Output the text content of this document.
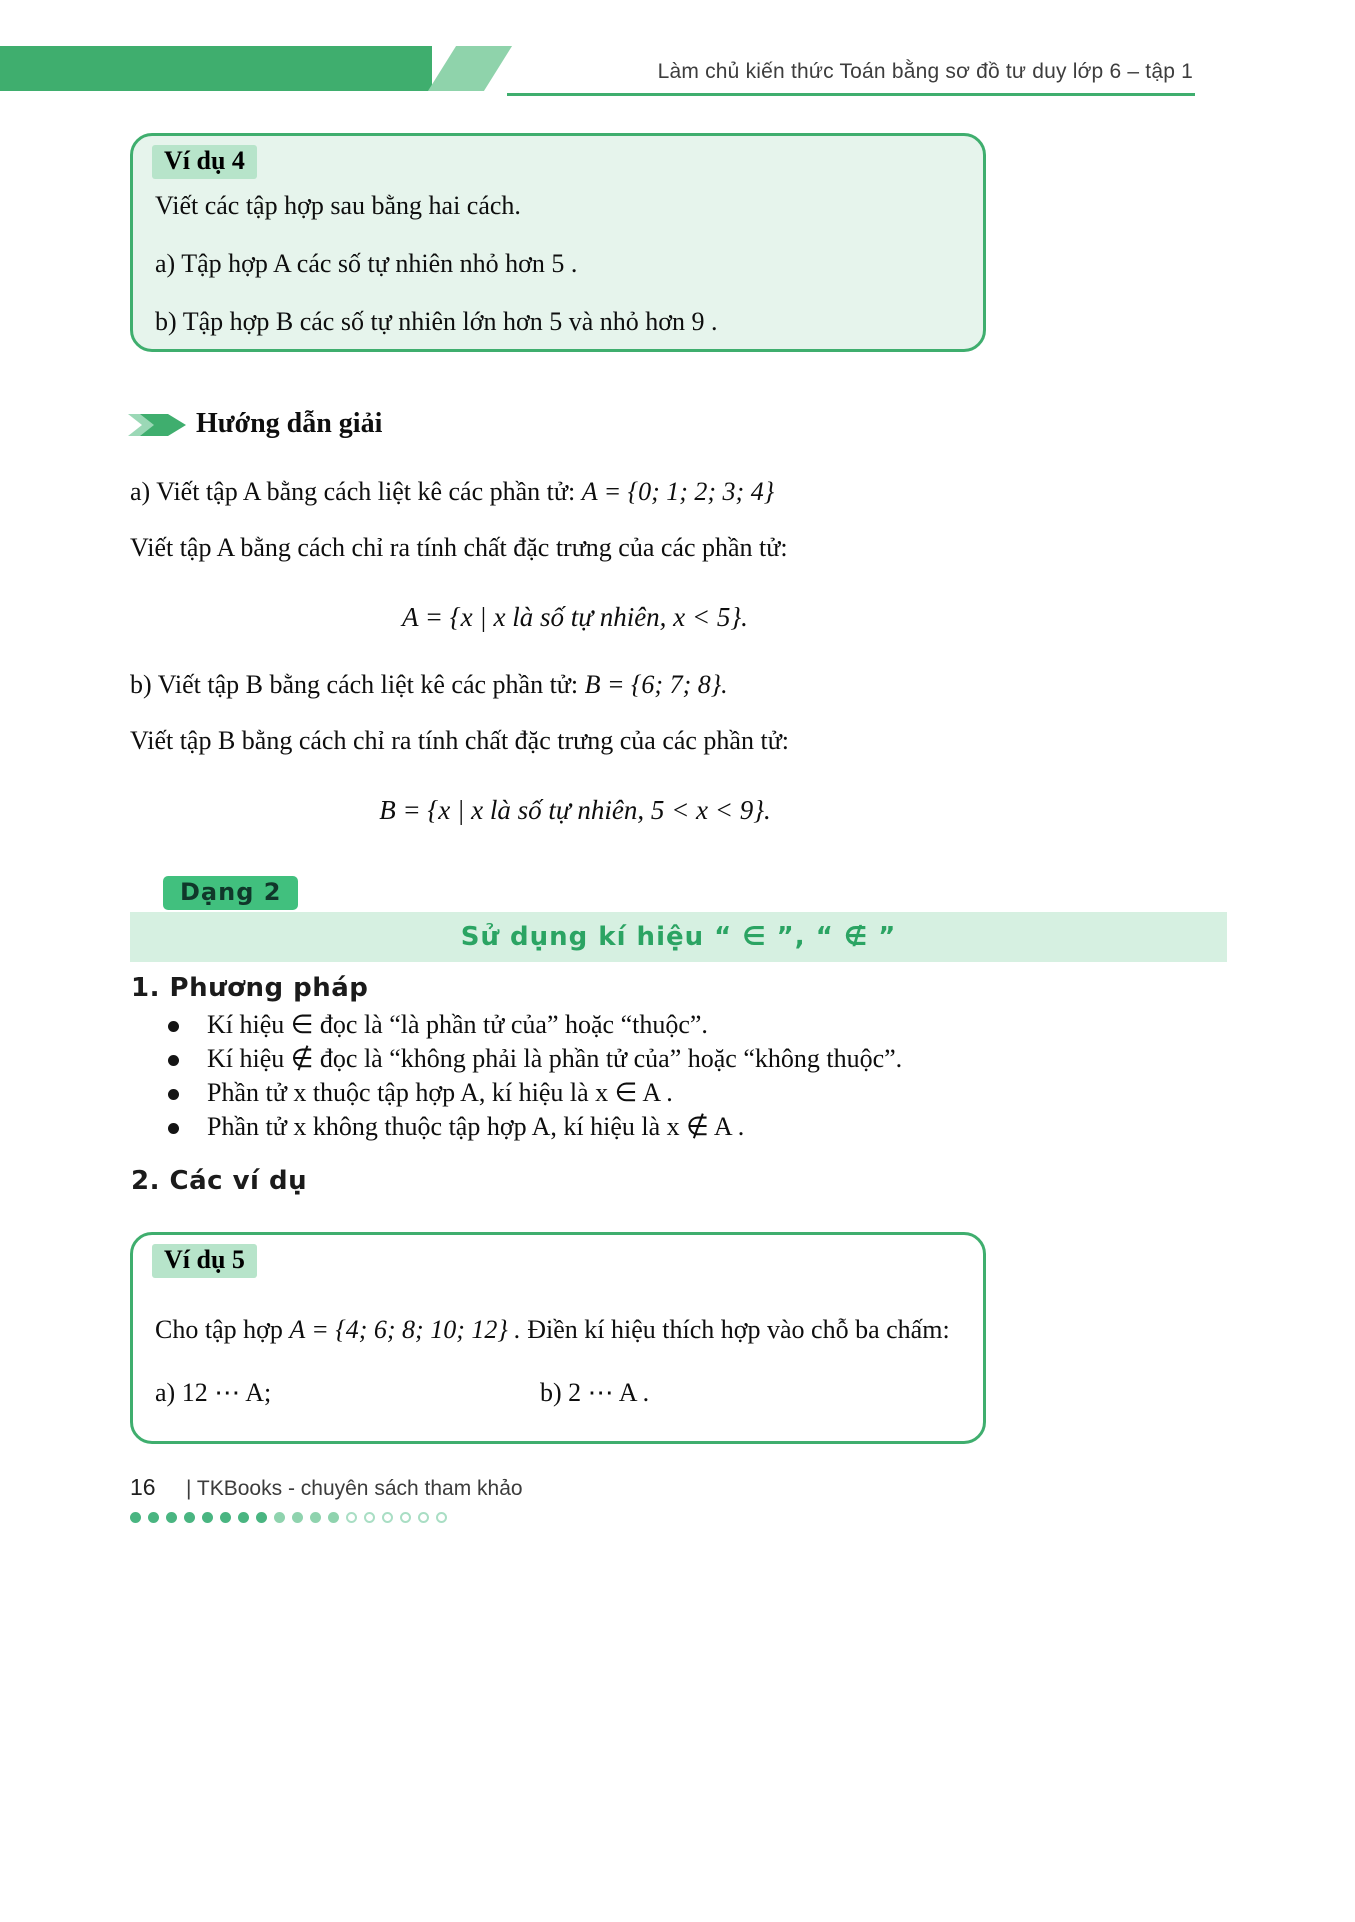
Làm chủ kiến thức Toán bằng sơ đồ tư duy lớp 6 – tập 1
Ví dụ 4

Viết các tập hợp sau bằng hai cách.

a) Tập hợp A các số tự nhiên nhỏ hơn 5 .

b) Tập hợp B các số tự nhiên lớn hơn 5 và nhỏ hơn 9 .

Hướng dẫn giải

a) Viết tập A bằng cách liệt kê các phần tử: A = {0; 1; 2; 3; 4}

Viết tập A bằng cách chỉ ra tính chất đặc trưng của các phần tử:

A = {x | x là số tự nhiên, x < 5}.

b) Viết tập B bằng cách liệt kê các phần tử: B = {6; 7; 8}.

Viết tập B bằng cách chỉ ra tính chất đặc trưng của các phần tử:

B = {x | x là số tự nhiên, 5 < x < 9}.

Dạng 2
Sử dụng kí hiệu “ ∈ ”, “ ∉ ”
1. Phương pháp
Kí hiệu ∈ đọc là “là phần tử của” hoặc “thuộc”.
Kí hiệu ∉ đọc là “không phải là phần tử của” hoặc “không thuộc”.
Phần tử x thuộc tập hợp A, kí hiệu là x ∈ A .
Phần tử x không thuộc tập hợp A, kí hiệu là x ∉ A .
2. Các ví dụ
Ví dụ 5

Cho tập hợp A = {4; 6; 8; 10; 12} . Điền kí hiệu thích hợp vào chỗ ba chấm:

a) 12 ⋯ A;	b) 2 ⋯ A .
16 | TKBooks - chuyên sách tham khảo
